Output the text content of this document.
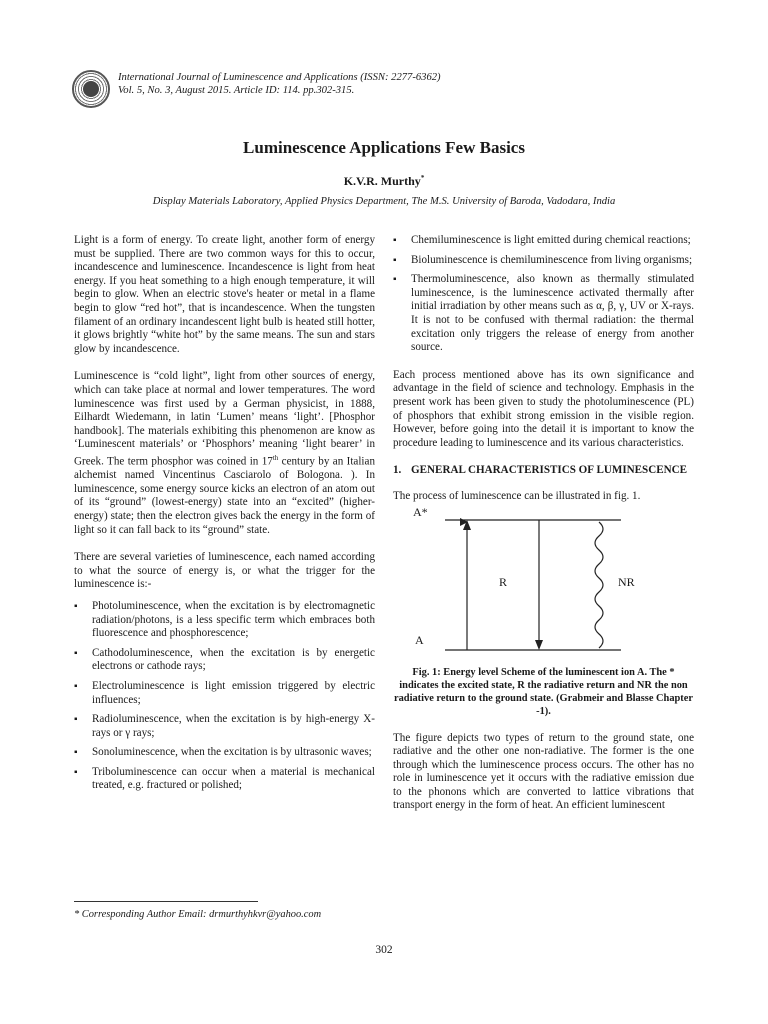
International Journal of Luminescence and Applications (ISSN: 2277-6362)
Vol. 5, No. 3, August 2015. Article ID: 114. pp.302-315.
Luminescence Applications Few Basics
K.V.R. Murthy*
Display Materials Laboratory, Applied Physics Department, The M.S. University of Baroda, Vadodara, India

Light is a form of energy. To create light, another form of energy must be supplied. There are two common ways for this to occur, incandescence and luminescence. Incandescence is light from heat energy. If you heat something to a high enough temperature, it will begin to glow. When an electric stove's heater or metal in a flame begin to glow “red hot”, that is incandescence. When the tungsten filament of an ordinary incandescent light bulb is heated still hotter, it glows brightly “white hot” by the same means. The sun and stars glow by incandescence.

Luminescence is “cold light”, light from other sources of energy, which can take place at normal and lower temperatures. The word luminescence was first used by a German physicist, in 1888, Eilhardt Wiedemann, in latin ‘Lumen’ means ‘light’. [Phosphor handbook]. The materials exhibiting this phenomenon are know as ‘Luminescent materials’ or ‘Phosphors’ meaning ‘light bearer’ in Greek. The term phosphor was coined in 17th century by an Italian alchemist named Vincentinus Casciarolo of Bologona. ). In luminescence, some energy source kicks an electron of an atom out of its “ground” (lowest-energy) state into an “excited” (higher-energy) state; then the electron gives back the energy in the form of light so it can fall back to its “ground” state.

There are several varieties of luminescence, each named according to what the source of energy is, or what the trigger for the luminescence is:-

▪ Photoluminescence, when the excitation is by electromagnetic radiation/photons, is a less specific term which embraces both fluorescence and phosphorescence;
▪ Cathodoluminescence, when the excitation is by energetic electrons or cathode rays;
▪ Electroluminescence is light emission triggered by electric influences;
▪ Radioluminescence, when the excitation is by high-energy X-rays or γ rays;
▪ Sonoluminescence, when the excitation is by ultrasonic waves;
▪ Triboluminescence can occur when a material is mechanical treated, e.g. fractured or polished;
▪ Chemiluminescence is light emitted during chemical reactions;
▪ Bioluminescence is chemiluminescence from living organisms;
▪ Thermoluminescence, also known as thermally stimulated luminescence, is the luminescence activated thermally after initial irradiation by other means such as α, β, γ, UV or X-rays. It is not to be confused with thermal radiation: the thermal excitation only triggers the release of energy from another source.

Each process mentioned above has its own significance and advantage in the field of science and technology. Emphasis in the present work has been given to study the photoluminescence (PL) of phosphors that exhibit strong emission in the visible region. However, before going into the detail it is important to know the procedure leading to luminescence and its various characteristics.

1. GENERAL CHARACTERISTICS OF LUMINESCENCE

The process of luminescence can be illustrated in fig. 1.

A*
A
R	NR

Fig. 1: Energy level Scheme of the luminescent ion A. The * indicates the excited state, R the radiative return and NR the non radiative return to the ground state. (Grabmeir and Blasse Chapter -1).

The figure depicts two types of return to the ground state, one radiative and the other one non-radiative. The former is the one through which the luminescence process occurs. The other has no role in luminescence yet it occurs with the radiative emission due to the phonons which are converted to lattice vibrations that transport energy in the form of heat. An efficient luminescent

* Corresponding Author Email: drmurthyhkvr@yahoo.com
302
